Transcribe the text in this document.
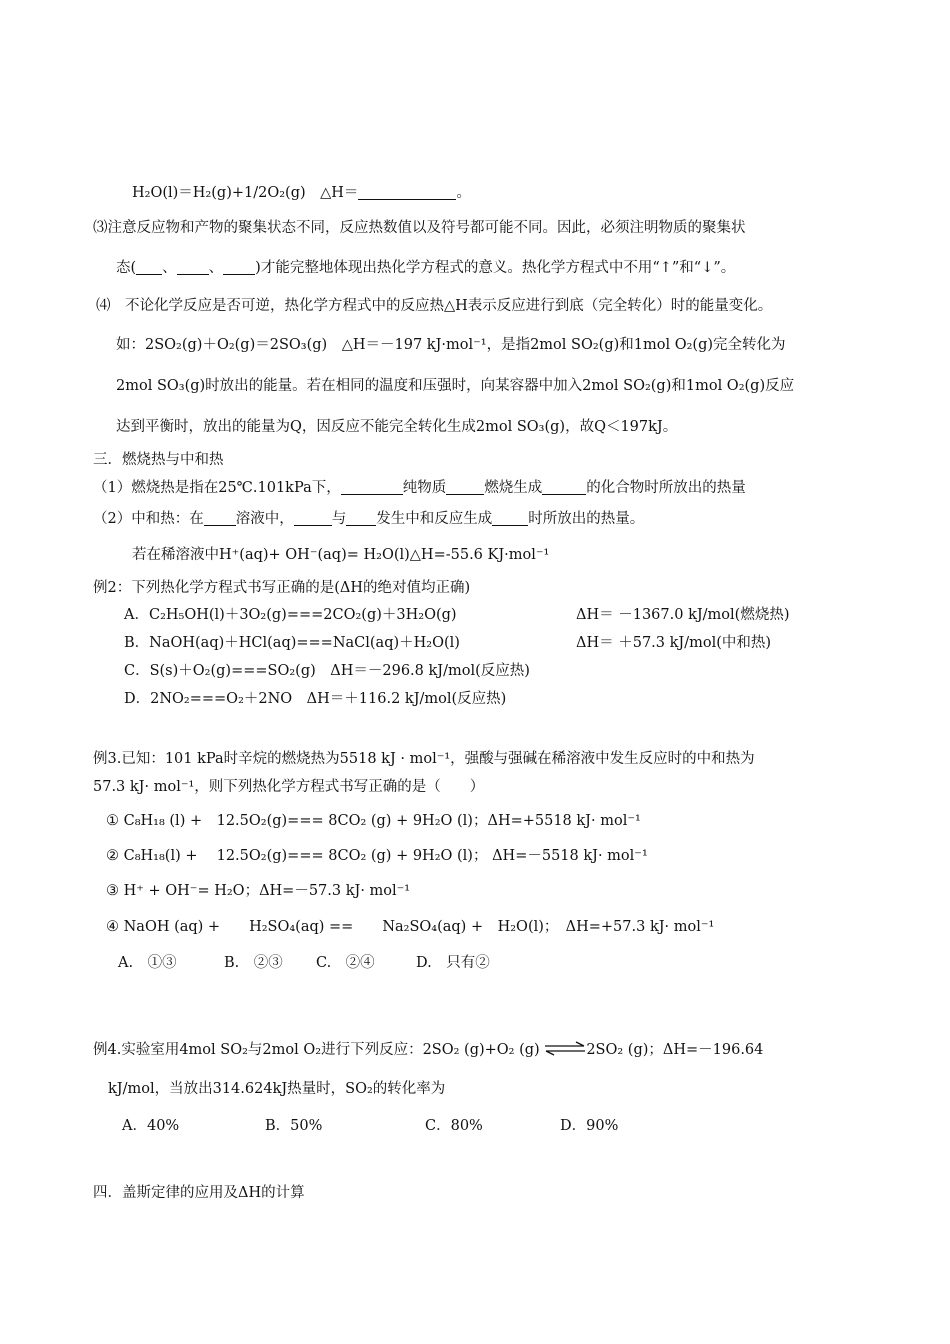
H₂O(l)＝H₂(g)+1/2O₂(g)　△H＝	。
⑶注意反应物和产物的聚集状态不同，反应热数值以及符号都可能不同。因此，必须注明物质的聚集状
态( 、 、 )才能完整地体现出热化学方程式的意义。热化学方程式中不用“↑”和“↓”。
⑷　不论化学反应是否可逆，热化学方程式中的反应热△H表示反应进行到底（完全转化）时的能量变化。
如：2SO₂(g)＋O₂(g)＝2SO₃(g)　△H＝－197 kJ·mol⁻¹，是指2mol SO₂(g)和1mol O₂(g)完全转化为
2mol SO₃(g)时放出的能量。若在相同的温度和压强时，向某容器中加入2mol SO₂(g)和1mol O₂(g)反应
达到平衡时，放出的能量为Q，因反应不能完全转化生成2mol SO₃(g)，故Q＜197kJ。
三．燃烧热与中和热
（1）燃烧热是指在25℃.101kPa下，	纯物质	燃烧生成	的化合物时所放出的热量
（2）中和热：在 溶液中，	与 发生中和反应生成 时所放出的热量。
若在稀溶液中H⁺(aq)+ OH⁻(aq)= H₂O(l)△H=-55.6 KJ·mol⁻¹
例2：下列热化学方程式书写正确的是(ΔH的绝对值均正确)
A．C₂H₅OH(l)＋3O₂(g)===2CO₂(g)＋3H₂O(g)	ΔH＝ －1367.0 kJ/mol(燃烧热)
B．NaOH(aq)＋HCl(aq)===NaCl(aq)＋H₂O(l)	ΔH＝ ＋57.3 kJ/mol(中和热)
C．S(s)＋O₂(g)===SO₂(g)　ΔH＝－296.8 kJ/mol(反应热)
D．2NO₂===O₂＋2NO　ΔH＝＋116.2 kJ/mol(反应热)
例3.已知：101 kPa时辛烷的燃烧热为5518 kJ · mol⁻¹，强酸与强碱在稀溶液中发生反应时的中和热为
57.3 kJ· mol⁻¹，则下列热化学方程式书写正确的是（　　）
① C₈H₁₈ (l) +　12.5O₂(g)=== 8CO₂ (g) + 9H₂O (l)；ΔH=+5518 kJ· mol⁻¹
② C₈H₁₈(l) +　 12.5O₂(g)=== 8CO₂ (g) + 9H₂O (l)； ΔH=－5518 kJ· mol⁻¹
③ H⁺ + OH⁻= H₂O；ΔH=－57.3 kJ· mol⁻¹
④ NaOH (aq) +　　H₂SO₄(aq) ==　　Na₂SO₄(aq) +　H₂O(l)；　ΔH=+57.3 kJ· mol⁻¹
A.　①③	B.　②③ C.　②④	D.　只有②
例4.实验室用4mol SO₂与2mol O₂进行下列反应：2SO₂ (g)+O₂ (g) ⇌2SO₂ (g)；ΔH=－196.64
kJ/mol，当放出314.624kJ热量时，SO₂的转化率为
A．40%	B．50%	C．80%	D．90%
四．盖斯定律的应用及ΔH的计算
